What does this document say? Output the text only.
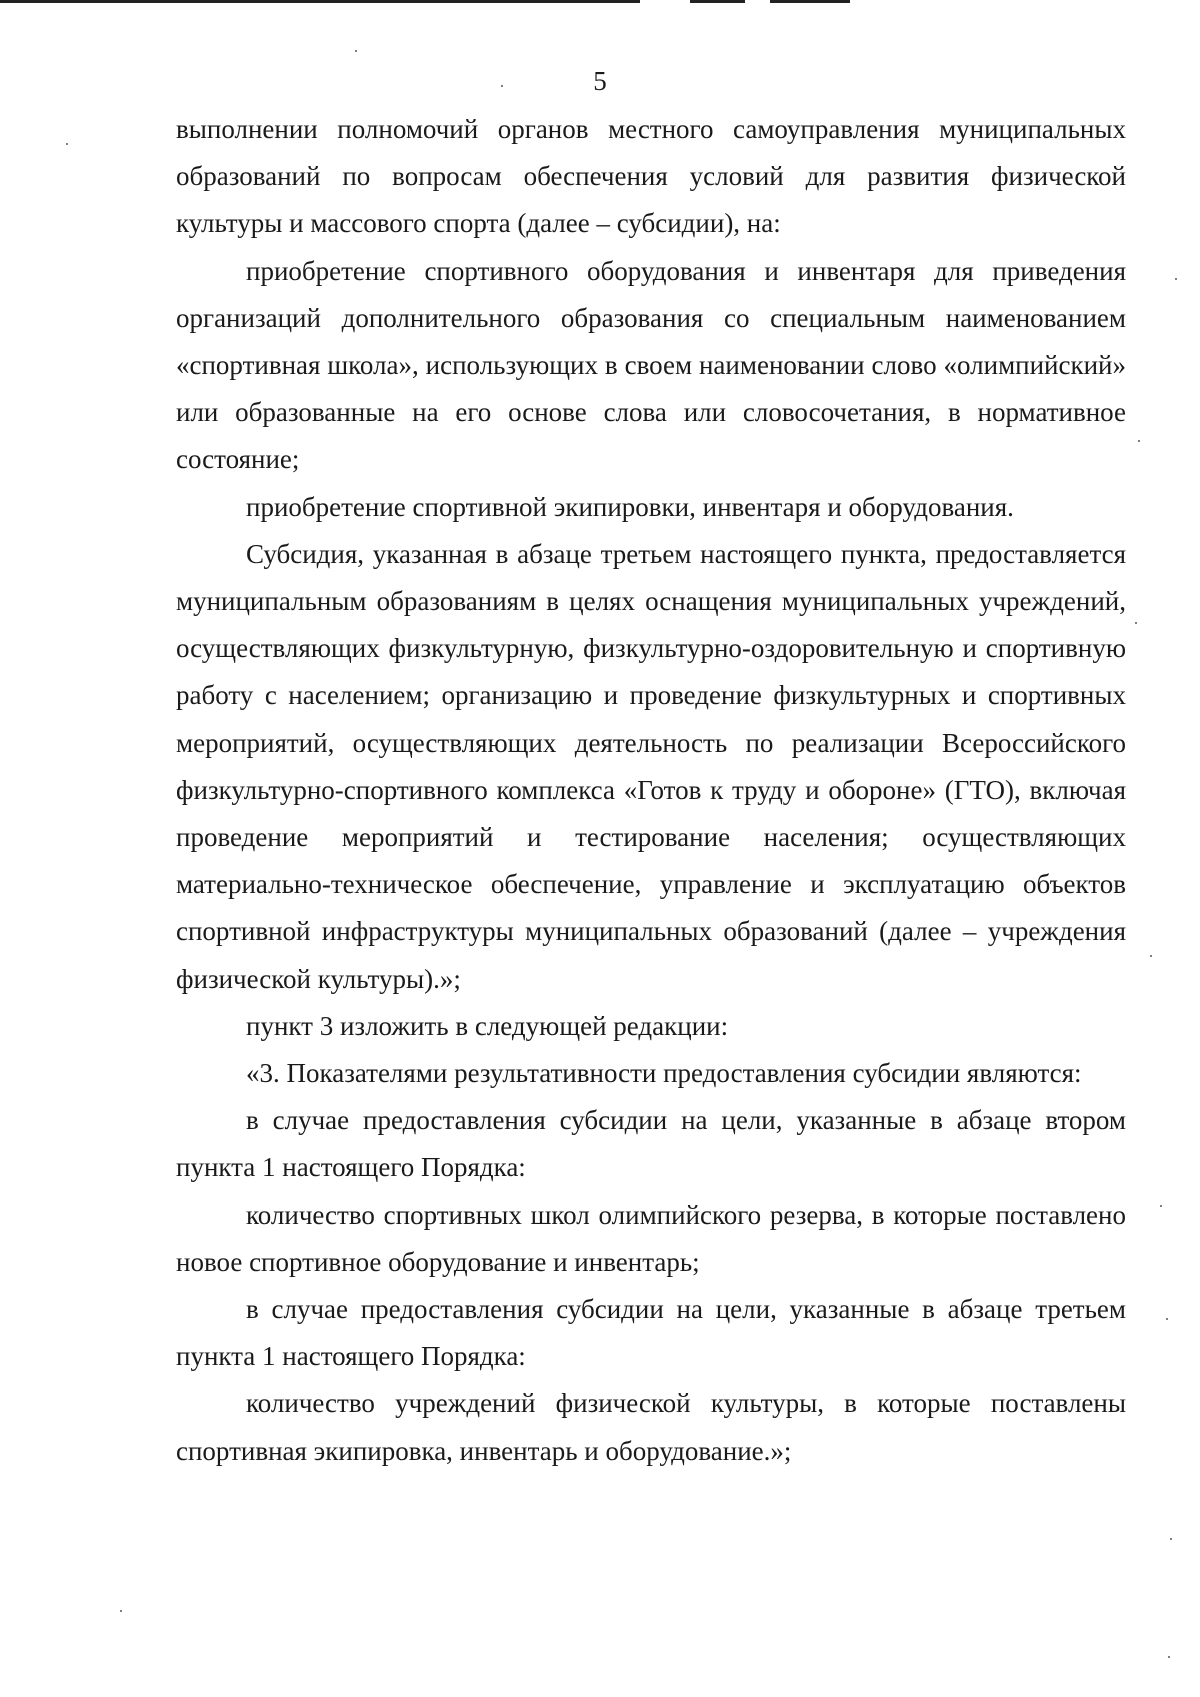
5

выполнении полномочий органов местного самоуправления муниципальных образований по вопросам обеспечения условий для развития физической культуры и массового спорта (далее – субсидии), на:

приобретение спортивного оборудования и инвентаря для приведения организаций дополнительного образования со специальным наименованием «спортивная школа», использующих в своем наименовании слово «олимпийский» или образованные на его основе слова или словосочетания, в нормативное состояние;

приобретение спортивной экипировки, инвентаря и оборудования.

Субсидия, указанная в абзаце третьем настоящего пункта, предоставляется муниципальным образованиям в целях оснащения муниципальных учреждений, осуществляющих физкультурную, физкультурно-оздоровительную и спортивную работу с населением; организацию и проведение физкультурных и спортивных мероприятий, осуществляющих деятельность по реализации Всероссийского физкультурно-спортивного комплекса «Готов к труду и обороне» (ГТО), включая проведение мероприятий и тестирование населения; осуществляющих материально-техническое обеспечение, управление и эксплуатацию объектов спортивной инфраструктуры муниципальных образований (далее – учреждения физической культуры).»;

пункт 3 изложить в следующей редакции:

«3. Показателями результативности предоставления субсидии являются:

в случае предоставления субсидии на цели, указанные в абзаце втором пункта 1 настоящего Порядка:

количество спортивных школ олимпийского резерва, в которые поставлено новое спортивное оборудование и инвентарь;

в случае предоставления субсидии на цели, указанные в абзаце третьем пункта 1 настоящего Порядка:

количество учреждений физической культуры, в которые поставлены спортивная экипировка, инвентарь и оборудование.»;
